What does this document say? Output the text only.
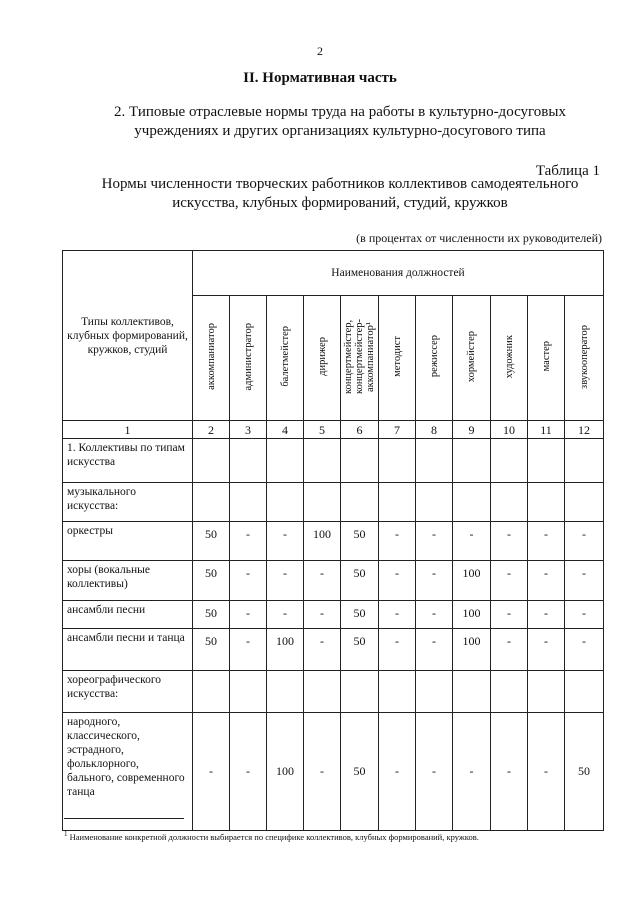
2
II. Нормативная часть
2. Типовые отраслевые нормы труда на работы в культурно-досуговых
учреждениях и других организациях культурно-досугового типа
Таблица 1
Нормы численности творческих работников коллективов самодеятельного
искусства, клубных формирований, студий, кружков
(в процентах от численности их руководителей)
Типы коллективов, клубных формирований, кружков, студий	Наименования должностей										
	аккомпаниатор	администратор	балетмейстер	дирижер	концертмейстер,
концертмейстер-
аккомпаниатор¹	методист	режиссер	хормейстер	художник	мастер	звукооператор
1	2	3	4	5	6	7	8	9	10	11	12
1. Коллективы по типам искусства											
музыкального искусства:											
оркестры	50	-	-	100	50	-	-	-	-	-	-
хоры (вокальные коллективы)	50	-	-	-	50	-	-	100	-	-	-
ансамбли песни	50	-	-	-	50	-	-	100	-	-	-
ансамбли песни и танца	50	-	100	-	50	-	-	100	-	-	-
хореографического искусства:											
народного, классического, эстрадного, фольклорного, бального, современного танца	-	-	100	-	50	-	-	-	-	-	50
$^1$ Наименование конкретной должности выбирается по специфике коллективов, клубных формирований, кружков.
